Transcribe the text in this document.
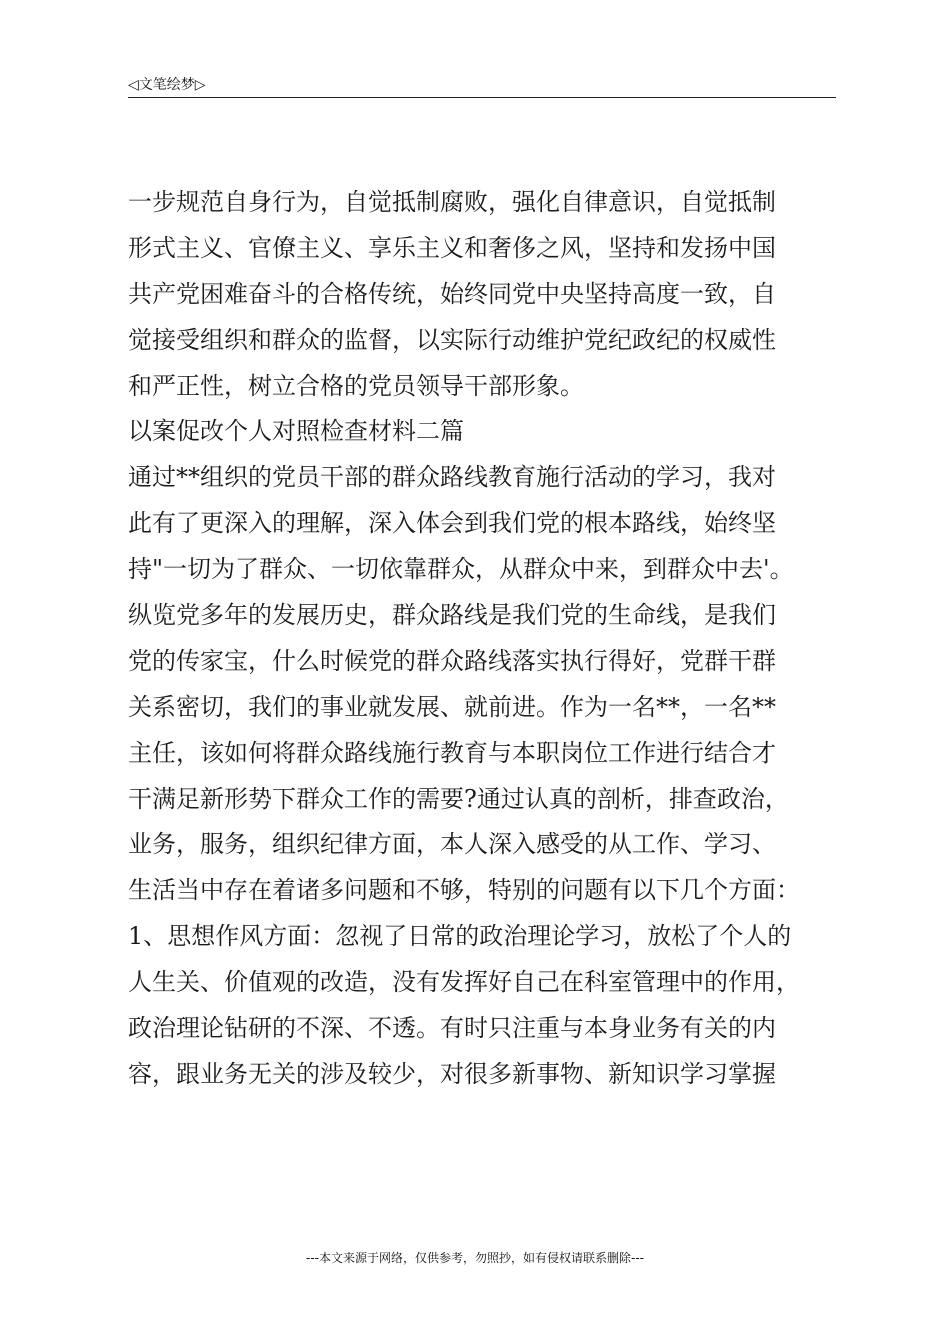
◁文笔绘梦▷
一步规范自身行为，自觉抵制腐败，强化自律意识，自觉抵制
形式主义、官僚主义、享乐主义和奢侈之风，坚持和发扬中国
共产党困难奋斗的合格传统，始终同党中央坚持高度一致，自
觉接受组织和群众的监督，以实际行动维护党纪政纪的权威性
和严正性，树立合格的党员领导干部形象。
以案促改个人对照检查材料二篇
通过**组织的党员干部的群众路线教育施行活动的学习，我对
此有了更深入的理解，深入体会到我们党的根本路线，始终坚
持"一切为了群众、一切依靠群众，从群众中来，到群众中去'。
纵览党多年的发展历史，群众路线是我们党的生命线，是我们
党的传家宝，什么时候党的群众路线落实执行得好，党群干群
关系密切，我们的事业就发展、就前进。作为一名**，一名**
主任，该如何将群众路线施行教育与本职岗位工作进行结合才
干满足新形势下群众工作的需要?通过认真的剖析，排查政治，
业务，服务，组织纪律方面，本人深入感受的从工作、学习、
生活当中存在着诸多问题和不够，特别的问题有以下几个方面：
1、思想作风方面：忽视了日常的政治理论学习，放松了个人的
人生关、价值观的改造，没有发挥好自己在科室管理中的作用，
政治理论钻研的不深、不透。有时只注重与本身业务有关的内
容，跟业务无关的涉及较少，对很多新事物、新知识学习掌握
---本文来源于网络，仅供参考，勿照抄，如有侵权请联系删除---
